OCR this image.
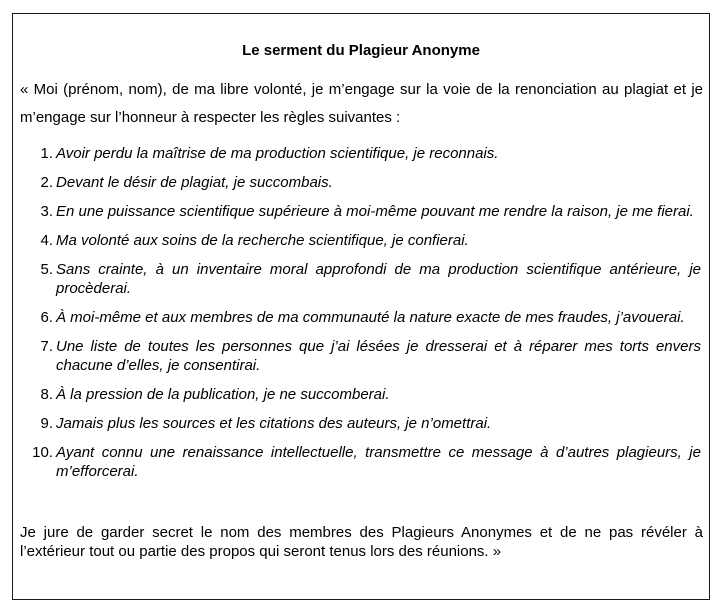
Le serment du Plagieur Anonyme
« Moi (prénom, nom), de ma libre volonté, je m’engage sur la voie de la renonciation au plagiat et je m’engage sur l’honneur à respecter les règles suivantes :
1. Avoir perdu la maîtrise de ma production scientifique, je reconnais.
2. Devant le désir de plagiat, je succombais.
3. En une puissance scientifique supérieure à moi-même pouvant me rendre la raison, je me fierai.
4. Ma volonté aux soins de la recherche scientifique, je confierai.
5. Sans crainte, à un inventaire moral approfondi de ma production scientifique antérieure, je procèderai.
6. À moi-même et aux membres de ma communauté la nature exacte de mes fraudes, j’avouerai.
7. Une liste de toutes les personnes que j’ai lésées je dresserai et à réparer mes torts envers chacune d’elles, je consentirai.
8. À la pression de la publication, je ne succomberai.
9. Jamais plus les sources et les citations des auteurs, je n’omettrai.
10. Ayant connu une renaissance intellectuelle, transmettre ce message à d’autres plagieurs, je m’efforcerai.
Je jure de garder secret le nom des membres des Plagieurs Anonymes et de ne pas révéler à l’extérieur tout ou partie des propos qui seront tenus lors des réunions. »
